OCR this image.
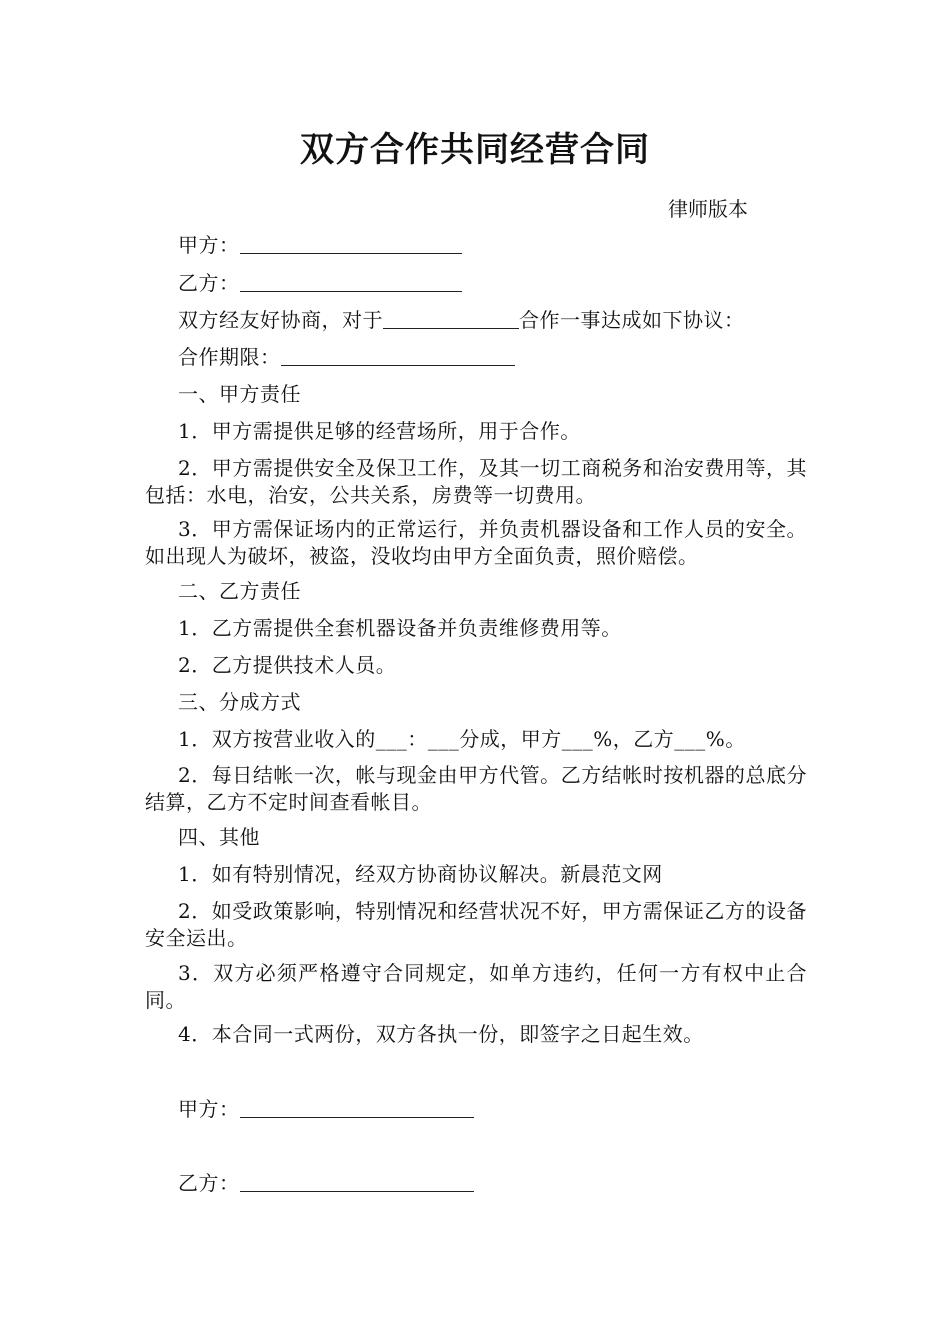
双方合作共同经营合同
律师版本
甲方：
乙方：
双方经友好协商，对于	合作一事达成如下协议：
合作期限：
一、甲方责任
1．甲方需提供足够的经营场所，用于合作。
2．甲方需提供安全及保卫工作，及其一切工商税务和治安费用等，其包括：水电，治安，公共关系，房费等一切费用。
3．甲方需保证场内的正常运行，并负责机器设备和工作人员的安全。如出现人为破坏，被盗，没收均由甲方全面负责，照价赔偿。
二、乙方责任
1．乙方需提供全套机器设备并负责维修费用等。
2．乙方提供技术人员。
三、分成方式
1．双方按营业收入的___：___分成，甲方___%，乙方___%。
2．每日结帐一次，帐与现金由甲方代管。乙方结帐时按机器的总底分结算，乙方不定时间查看帐目。
四、其他
1．如有特别情况，经双方协商协议解决。新晨范文网
2．如受政策影响，特别情况和经营状况不好，甲方需保证乙方的设备安全运出。
3．双方必须严格遵守合同规定，如单方违约，任何一方有权中止合同。
4．本合同一式两份，双方各执一份，即签字之日起生效。
甲方：
乙方：
